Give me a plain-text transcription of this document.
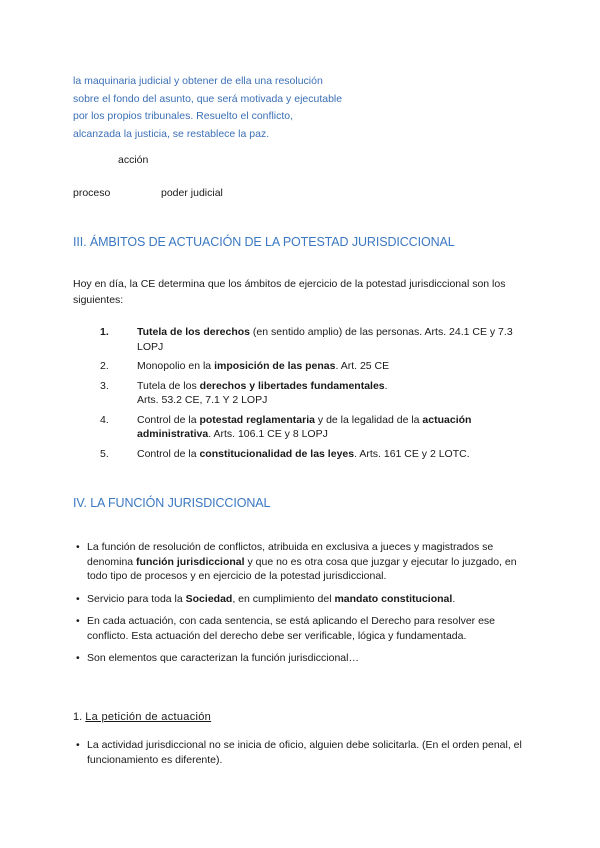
la maquinaria judicial y obtener de ella una resolución
sobre el fondo del asunto, que será motivada y ejecutable
por los propios tribunales. Resuelto el conflicto,
alcanzada la justicia, se restablece la paz.
acción
proceso	poder judicial
III. ÁMBITOS DE ACTUACIÓN DE LA POTESTAD JURISDICCIONAL
Hoy en día, la CE determina que los ámbitos de ejercicio de la potestad jurisdiccional son los siguientes:
1.	Tutela de los derechos (en sentido amplio) de las personas. Arts. 24.1 CE y 7.3 LOPJ
2.	Monopolio en la imposición de las penas. Art. 25 CE
3.	Tutela de los derechos y libertades fundamentales.
Arts. 53.2 CE, 7.1 Y 2 LOPJ
4.	Control de la potestad reglamentaria y de la legalidad de la actuación administrativa. Arts. 106.1 CE y 8 LOPJ
5.	Control de la constitucionalidad de las leyes. Arts. 161 CE y 2 LOTC.
IV. LA FUNCIÓN JURISDICCIONAL
• La función de resolución de conflictos, atribuida en exclusiva a jueces y magistrados se denomina función jurisdiccional y que no es otra cosa que juzgar y ejecutar lo juzgado, en todo tipo de procesos y en ejercicio de la potestad jurisdiccional.
• Servicio para toda la Sociedad, en cumplimiento del mandato constitucional.
• En cada actuación, con cada sentencia, se está aplicando el Derecho para resolver ese conflicto. Esta actuación del derecho debe ser verificable, lógica y fundamentada.
• Son elementos que caracterizan la función jurisdiccional…
1. La petición de actuación
• La actividad jurisdiccional no se inicia de oficio, alguien debe solicitarla. (En el orden penal, el funcionamiento es diferente).
